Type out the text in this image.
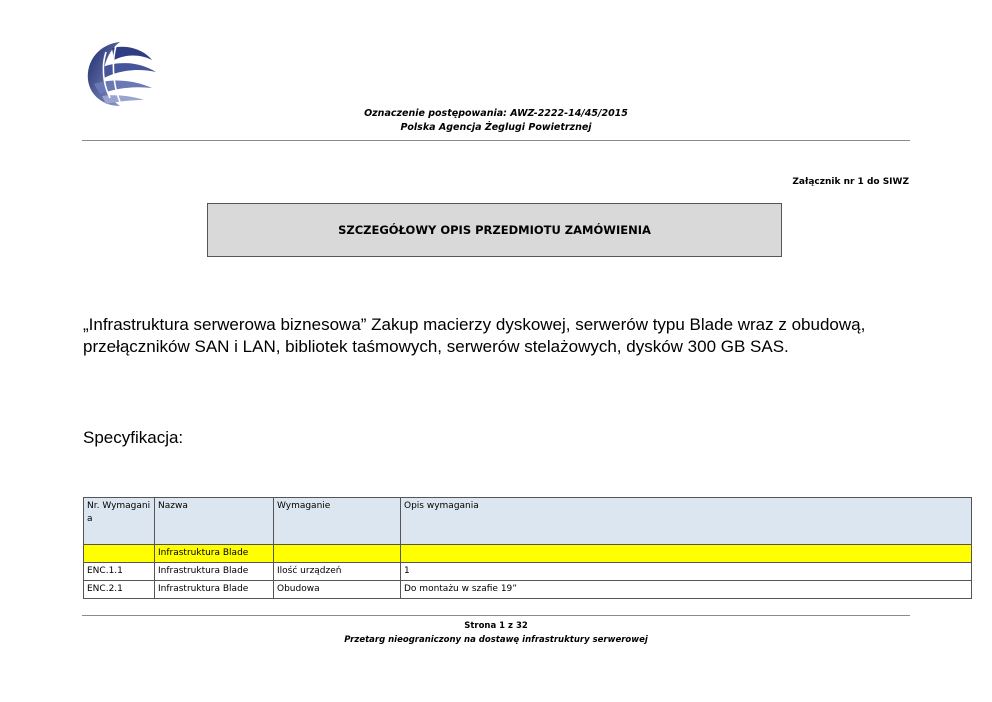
Oznaczenie postępowania: AWZ-2222-14/45/2015
Polska Agencja Żeglugi Powietrznej
Załącznik nr 1 do SIWZ
SZCZEGÓŁOWY OPIS PRZEDMIOTU ZAMÓWIENIA
„Infrastruktura serwerowa biznesowa” Zakup macierzy dyskowej, serwerów typu Blade wraz z obudową, przełączników SAN i LAN, bibliotek taśmowych, serwerów stelażowych, dysków 300 GB SAS.
Specyfikacja:
Nr. Wymagani a	Nazwa	Wymaganie	Opis wymagania
	Infrastruktura Blade		
ENC.1.1	Infrastruktura Blade	Ilość urządzeń	1
ENC.2.1	Infrastruktura Blade	Obudowa	Do montażu w szafie 19”
Strona 1 z 32
Przetarg nieograniczony na dostawę infrastruktury serwerowej
